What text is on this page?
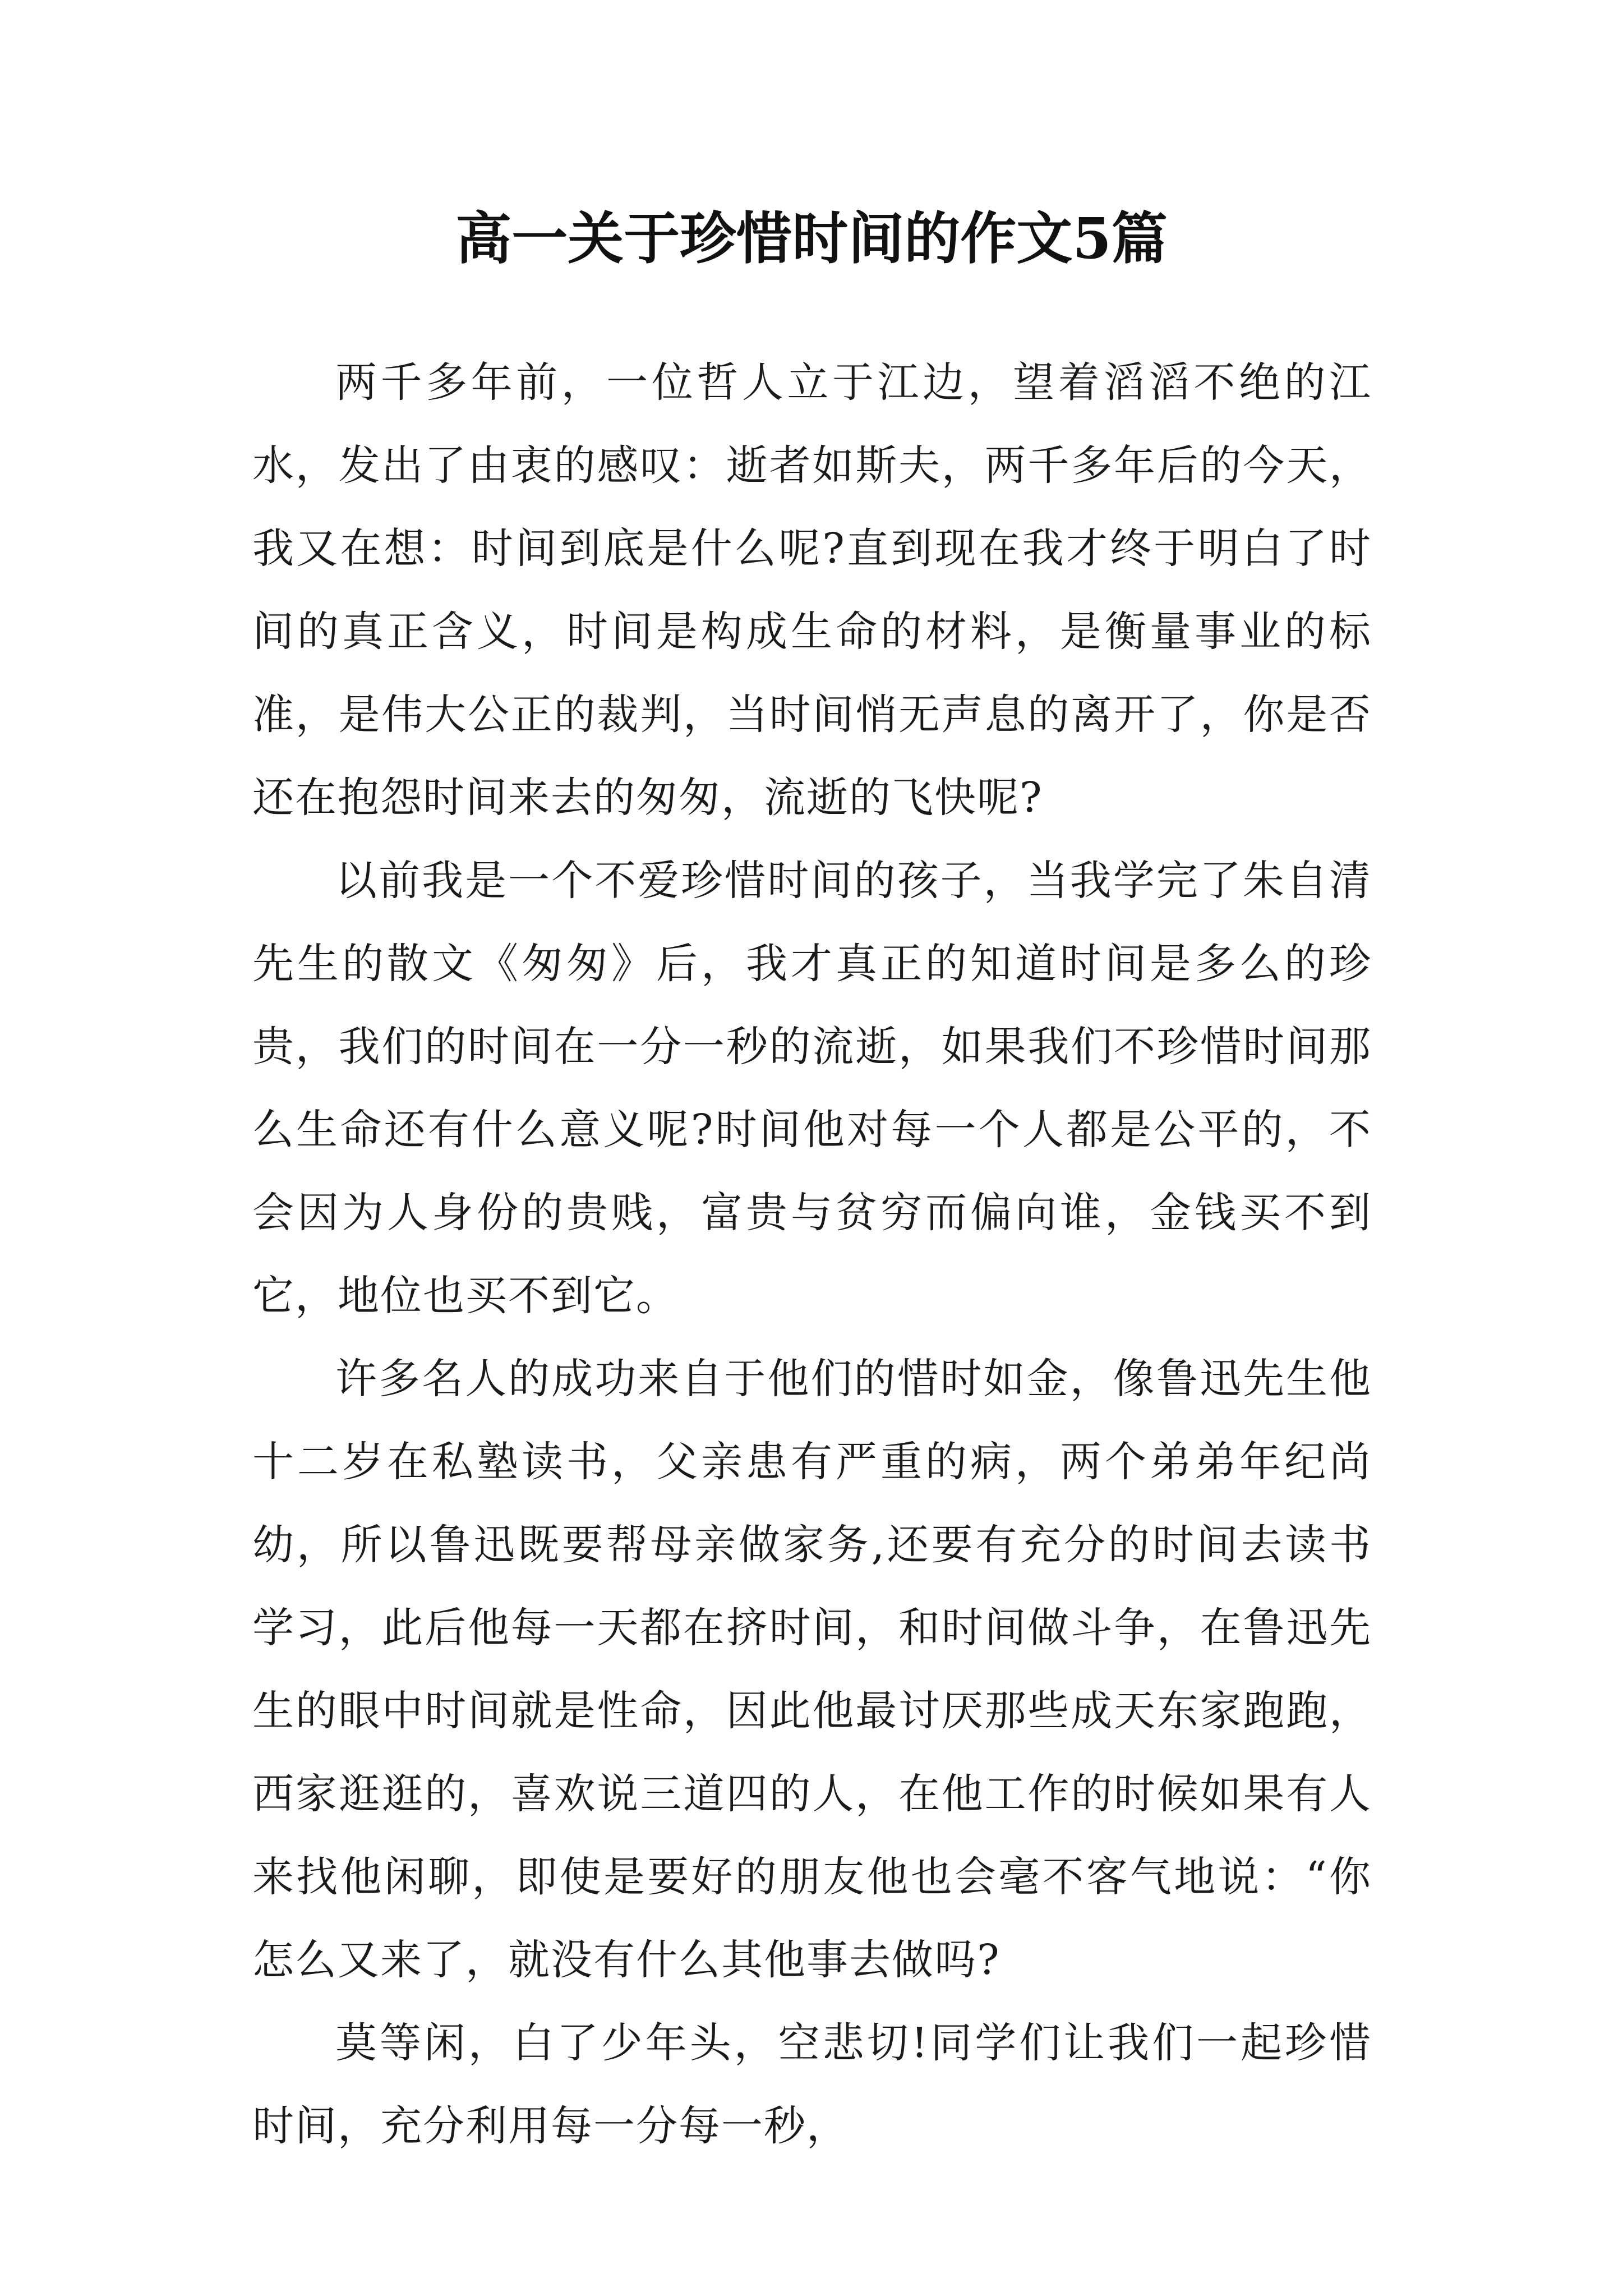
高一关于珍惜时间的作文5篇

两千多年前，一位哲人立于江边，望着滔滔不绝的江水，发出了由衷的感叹：逝者如斯夫，两千多年后的今天，我又在想：时间到底是什么呢?直到现在我才终于明白了时间的真正含义，时间是构成生命的材料，是衡量事业的标准，是伟大公正的裁判，当时间悄无声息的离开了，你是否还在抱怨时间来去的匆匆，流逝的飞快呢?

以前我是一个不爱珍惜时间的孩子，当我学完了朱自清先生的散文《匆匆》后，我才真正的知道时间是多么的珍贵，我们的时间在一分一秒的流逝，如果我们不珍惜时间那么生命还有什么意义呢?时间他对每一个人都是公平的，不会因为人身份的贵贱，富贵与贫穷而偏向谁，金钱买不到它，地位也买不到它。

许多名人的成功来自于他们的惜时如金，像鲁迅先生他十二岁在私塾读书，父亲患有严重的病，两个弟弟年纪尚幼，所以鲁迅既要帮母亲做家务,还要有充分的时间去读书学习，此后他每一天都在挤时间，和时间做斗争，在鲁迅先生的眼中时间就是性命，因此他最讨厌那些成天东家跑跑，西家逛逛的，喜欢说三道四的人，在他工作的时候如果有人来找他闲聊，即使是要好的朋友他也会毫不客气地说：“你怎么又来了，就没有什么其他事去做吗?

莫等闲，白了少年头，空悲切!同学们让我们一起珍惜时间，充分利用每一分每一秒，
